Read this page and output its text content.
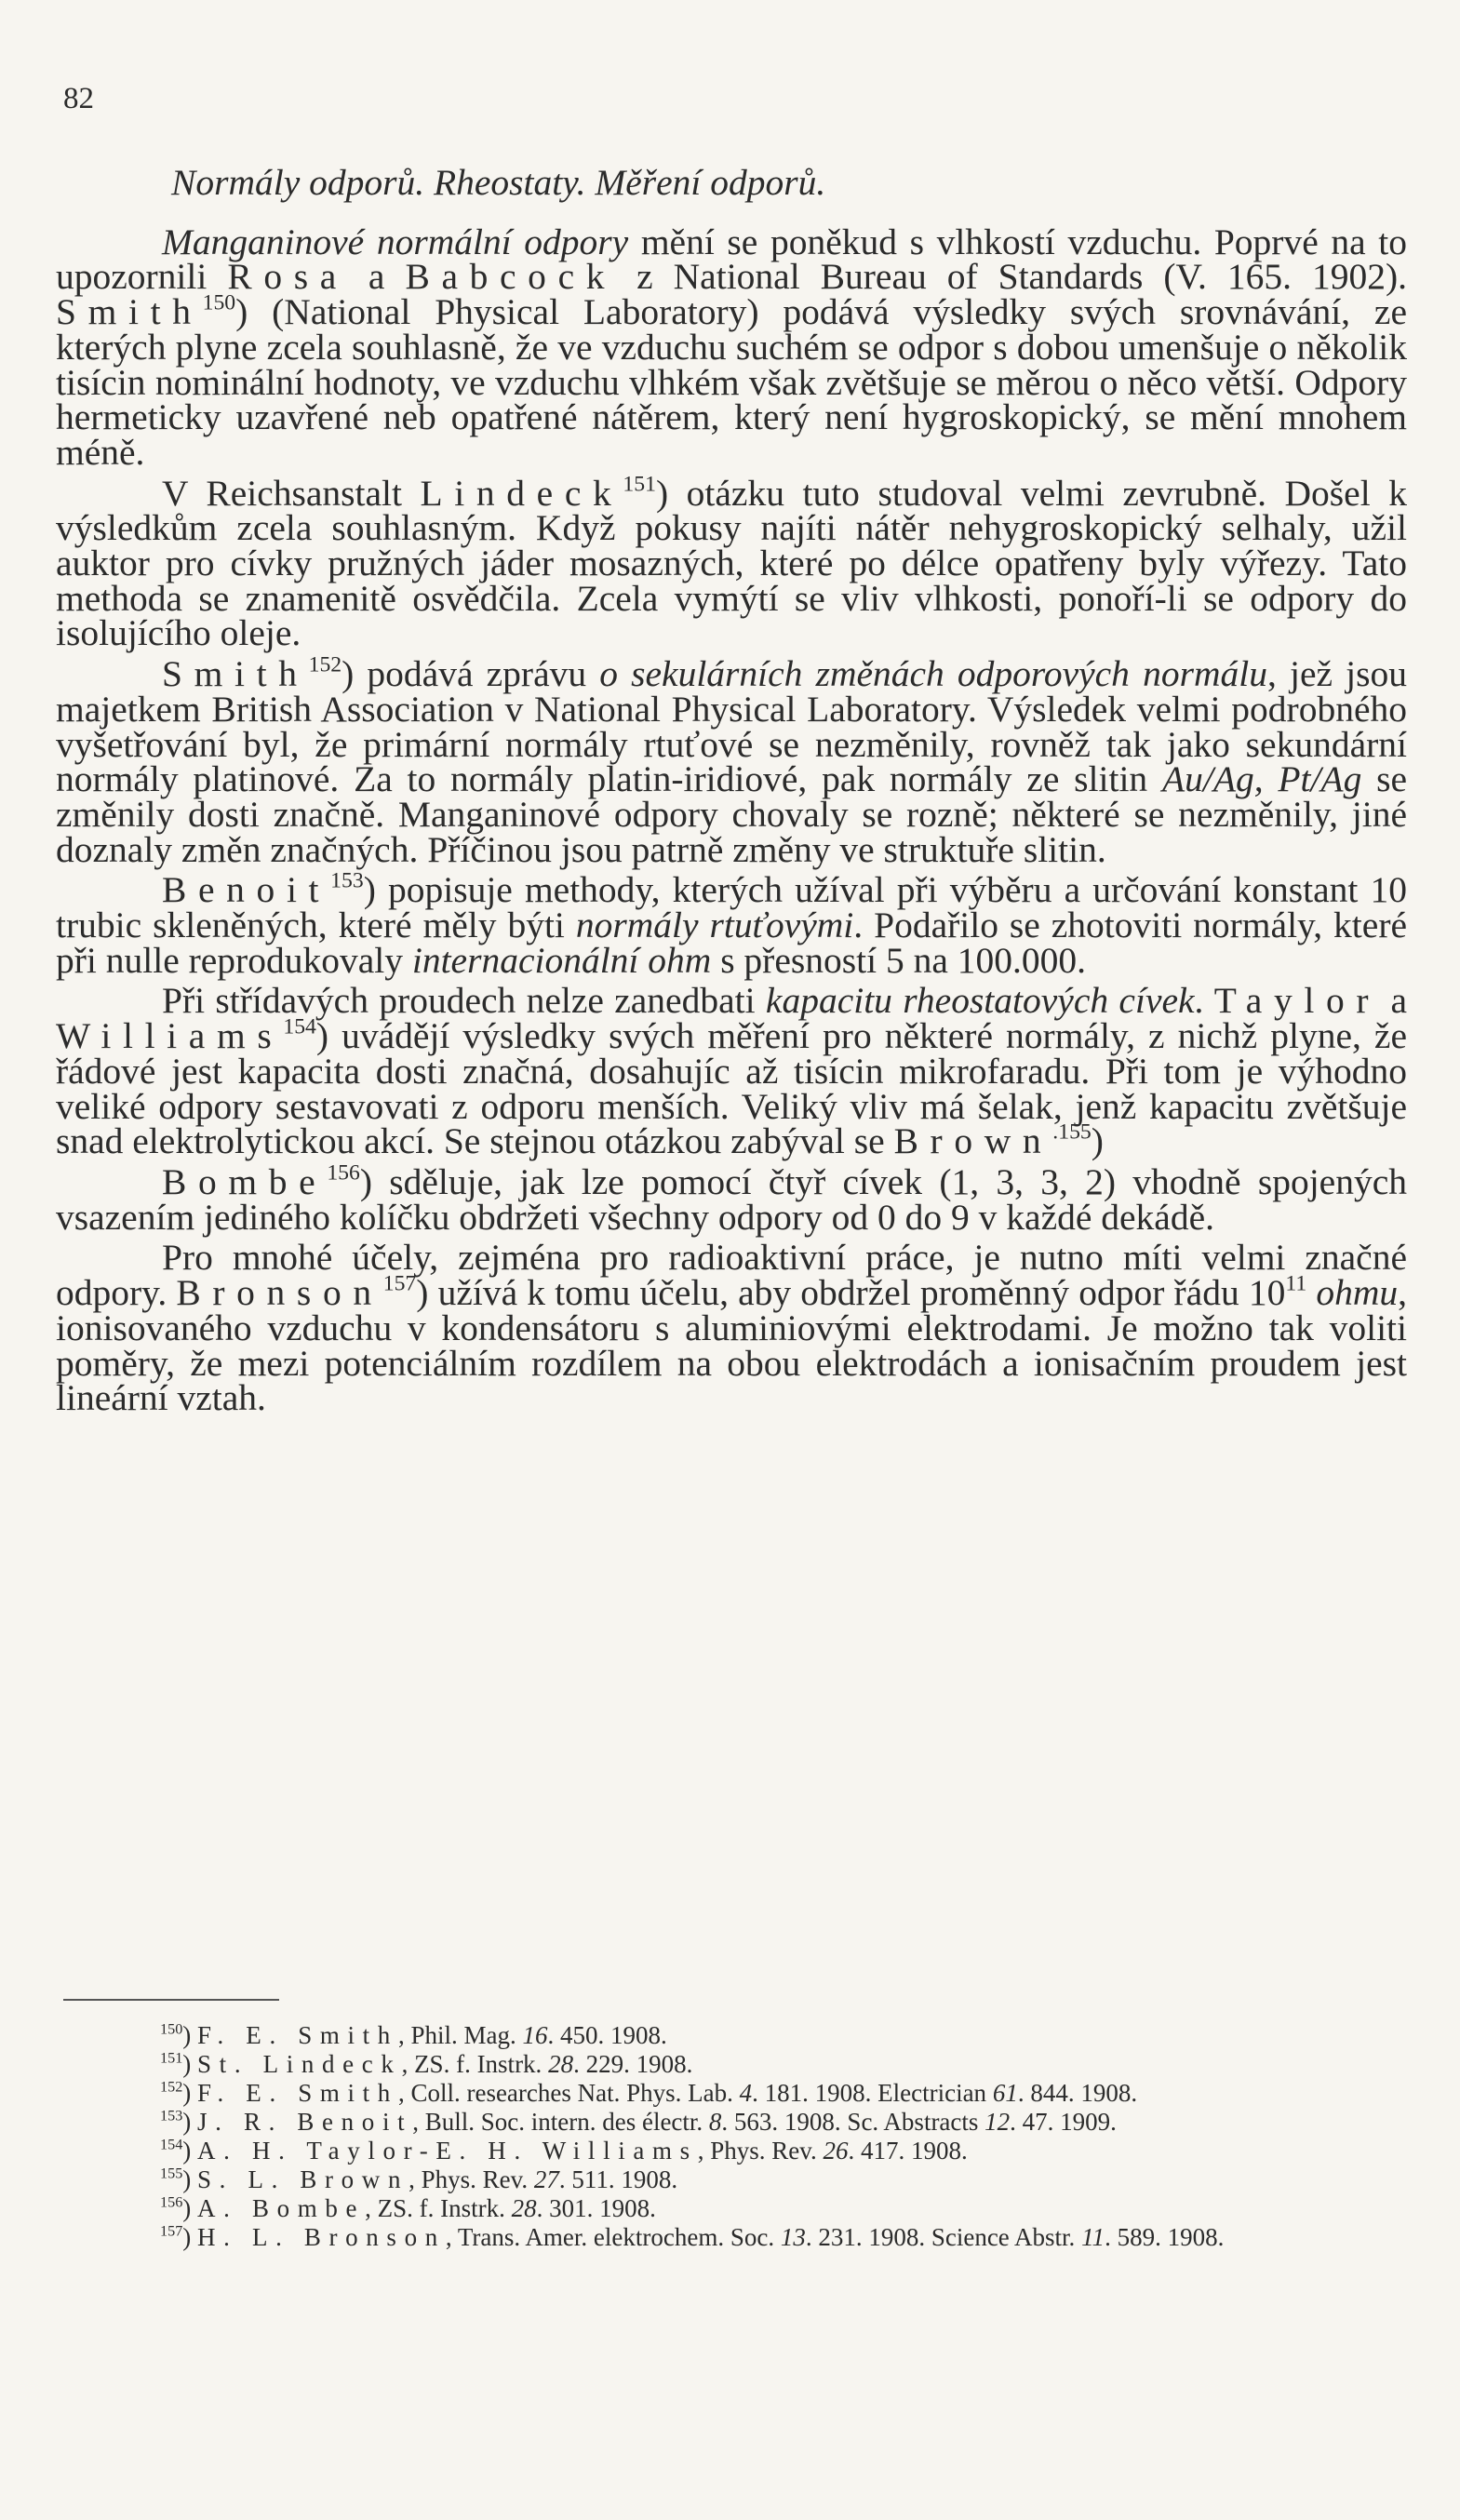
82

Normály odporů. Rheostaty. Měření odporů.

Manganinové normální odpory mění se poněkud s vlhkostí vzduchu. Poprvé na to upozornili Rosa a Babcock z National Bureau of Standards (V. 165. 1902). Smith$^{150}$) (National Physical Laboratory) podává výsledky svých srovnávání, ze kterých plyne zcela souhlasně, že ve vzduchu suchém se odpor s dobou umenšuje o několik tisícin nominální hodnoty, ve vzduchu vlhkém však zvětšuje se měrou o něco větší. Odpory hermeticky uzavřené neb opatřené nátěrem, který není hygroskopický, se mění mnohem méně.

V Reichsanstalt Lindeck$^{151}$) otázku tuto studoval velmi zevrubně. Došel k výsledkům zcela souhlasným. Když pokusy najíti nátěr nehygroskopický selhaly, užil auktor pro cívky pružných jáder mosazných, které po délce opatřeny byly výřezy. Tato methoda se znamenitě osvědčila. Zcela vymýtí se vliv vlhkosti, ponoří-li se odpory do isolujícího oleje.

Smith$^{152}$) podává zprávu o sekulárních změnách odporových normálu, jež jsou majetkem British Association v National Physical Laboratory. Výsledek velmi podrobného vyšetřování byl, že primární normály rtuťové se nezměnily, rovněž tak jako sekundární normály platinové. Za to normály platin-iridiové, pak normály ze slitin Au/Ag, Pt/Ag se změnily dosti značně. Manganinové odpory chovaly se rozně; některé se nezměnily, jiné doznaly změn značných. Příčinou jsou patrně změny ve struktuře slitin.

Benoit$^{153}$) popisuje methody, kterých užíval při výběru a určování konstant 10 trubic skleněných, které měly býti normály rtuťovými. Podařilo se zhotoviti normály, které při nulle reprodukovaly internacionální ohm s přesností 5 na 100.000.

Při střídavých proudech nelze zanedbati kapacitu rheostatových cívek. Taylor a Williams$^{154}$) uvádějí výsledky svých měření pro některé normály, z nichž plyne, že řádové jest kapacita dosti značná, dosahujíc až tisícin mikrofaradu. Při tom je výhodno veliké odpory sestavovati z odporu menších. Veliký vliv má šelak, jenž kapacitu zvětšuje snad elektrolytickou akcí. Se stejnou otázkou zabýval se Brown$^{.155}$)

Bombe$^{156}$) sděluje, jak lze pomocí čtyř cívek (1, 3, 3, 2) vhodně spojených vsazením jediného kolíčku obdržeti všechny odpory od 0 do 9 v každé dekádě.

Pro mnohé účely, zejména pro radioaktivní práce, je nutno míti velmi značné odpory. Bronson$^{157}$) užívá k tomu účelu, aby obdržel proměnný odpor řádu $10^{11}$ ohmu, ionisovaného vzduchu v kondensátoru s aluminiovými elektrodami. Je možno tak voliti poměry, že mezi potenciálním rozdílem na obou elektrodách a ionisačním proudem jest lineární vztah.

$^{150}$) F. E. Smith, Phil. Mag. 16. 450. 1908.

$^{151}$) St. Lindeck, ZS. f. Instrk. 28. 229. 1908.

$^{152}$) F. E. Smith, Coll. researches Nat. Phys. Lab. 4. 181. 1908. Electrician 61. 844. 1908.

$^{153}$) J. R. Benoit, Bull. Soc. intern. des électr. 8. 563. 1908. Sc. Abstracts 12. 47. 1909.

$^{154}$) A. H. Taylor-E. H. Williams, Phys. Rev. 26. 417. 1908.

$^{155}$) S. L. Brown, Phys. Rev. 27. 511. 1908.

$^{156}$) A. Bombe, ZS. f. Instrk. 28. 301. 1908.

$^{157}$) H. L. Bronson, Trans. Amer. elektrochem. Soc. 13. 231. 1908. Science Abstr. 11. 589. 1908.
